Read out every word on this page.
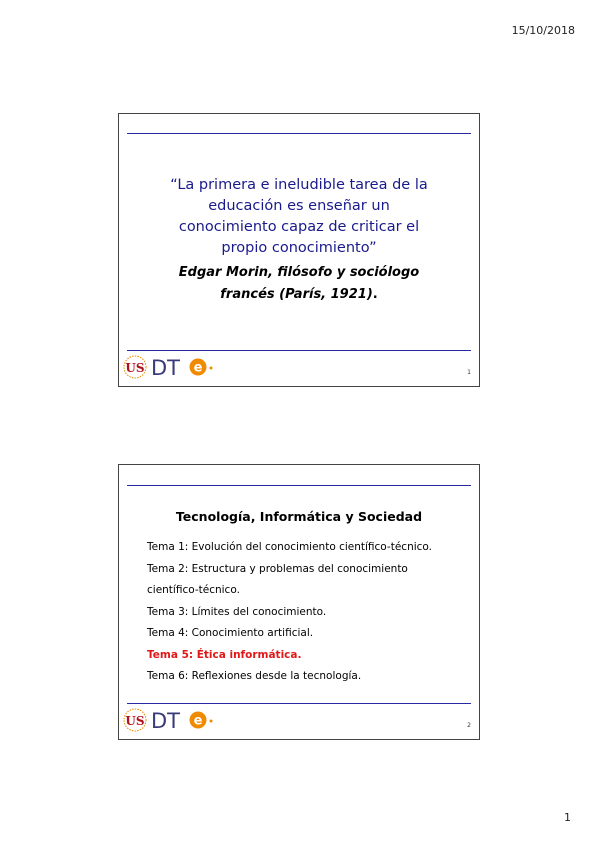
15/10/2018
“La primera e ineludible tarea de la
educación es enseñar un
conocimiento capaz de criticar el
propio conocimiento”
Edgar Morin, filósofo y sociólogo
francés (París, 1921).
US DT e	1
Tecnología, Informática y Sociedad
Tema 1: Evolución del conocimiento científico-técnico.
Tema 2: Estructura y problemas del conocimiento
científico-técnico.
Tema 3: Límites del conocimiento.
Tema 4: Conocimiento artificial.
Tema 5: Ética informática.
Tema 6: Reflexiones desde la tecnología.
US DT e	2
1
